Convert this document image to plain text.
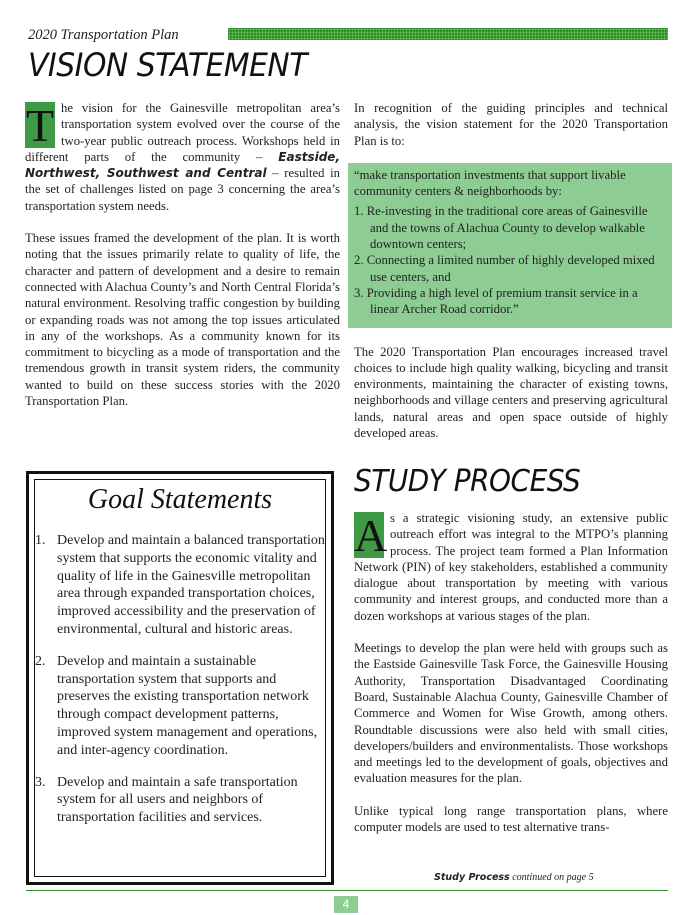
2020 Transportation Plan
VISION STATEMENT

T he vision for the Gainesville metropolitan area’s transportation system evolved over the course of the two-year public outreach process. Workshops held in different parts of the community – Eastside, Northwest, Southwest and Central – resulted in the set of challenges listed on page 3 concerning the area’s transportation system needs.

These issues framed the development of the plan. It is worth noting that the issues primarily relate to quality of life, the character and pattern of development and a desire to remain connected with Alachua County’s and North Central Florida’s natural environment. Resolving traffic congestion by building or expanding roads was not among the top issues articulated in any of the workshops. As a community known for its commitment to bicycling as a mode of transportation and the tremendous growth in transit system riders, the community wanted to build on these success stories with the 2020 Transportation Plan.

In recognition of the guiding principles and technical analysis, the vision statement for the 2020 Transportation Plan is to:

“make transportation investments that support livable community centers & neighborhoods by:

1. Re-investing in the traditional core areas of Gainesville and the towns of Alachua County to develop walkable downtown centers;
2. Connecting a limited number of highly developed mixed use centers, and
3. Providing a high level of premium transit service in a linear Archer Road corridor.”

The 2020 Transportation Plan encourages increased travel choices to include high quality walking, bicycling and transit environments, maintaining the character of existing towns, neighborhoods and village centers and preserving agricultural lands, natural areas and open space outside of highly developed areas.

Goal Statements
1. Develop and maintain a balanced transportation system that supports the economic vitality and quality of life in the Gainesville metropolitan area through expanded transportation choices, improved accessibility and the preservation of environmental, cultural and historic areas.
2. Develop and maintain a sustainable transportation system that supports and preserves the existing transportation network through compact development patterns, improved system management and operations, and inter-agency coordination.
3. Develop and maintain a safe transportation system for all users and neighbors of transportation facilities and services.
STUDY PROCESS

A s a strategic visioning study, an extensive public outreach effort was integral to the MTPO’s planning process. The project team formed a Plan Information Network (PIN) of key stakeholders, established a community dialogue about transportation by meeting with various community and interest groups, and conducted more than a dozen workshops at various stages of the plan.

Meetings to develop the plan were held with groups such as the Eastside Gainesville Task Force, the Gainesville Housing Authority, Transportation Disadvantaged Coordinating Board, Sustainable Alachua County, Gainesville Chamber of Commerce and Women for Wise Growth, among others. Roundtable discussions were also held with small cities, developers/builders and environmentalists. Those workshops and meetings led to the development of goals, objectives and evaluation measures for the plan.

Unlike typical long range transportation plans, where computer models are used to test alternative trans-

Study Process continued on page 5
4
